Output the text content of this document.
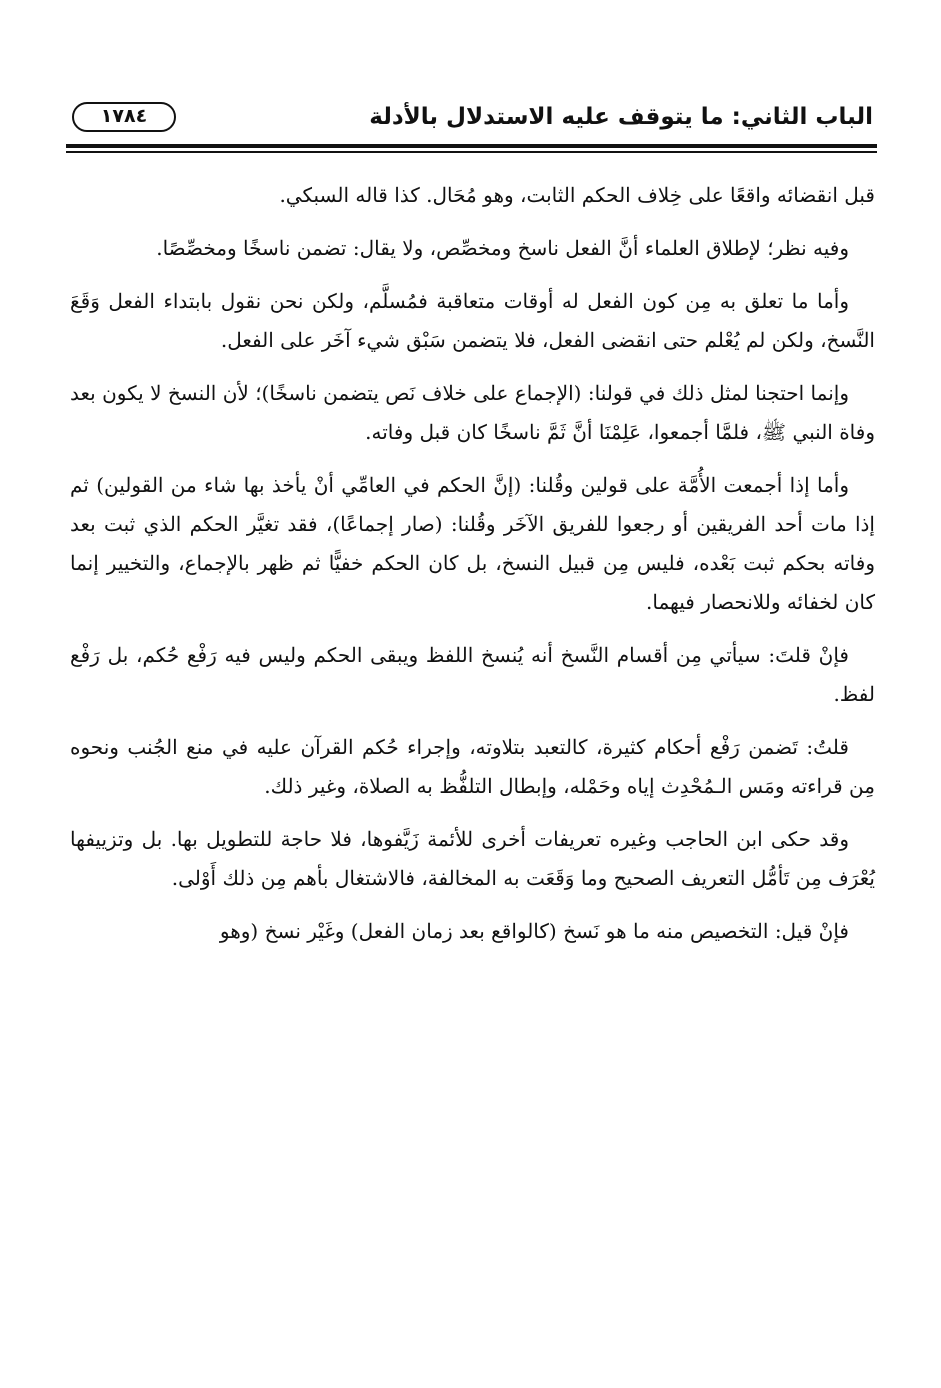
الباب الثاني: ما يتوقف عليه الاستدلال بالأدلة
١٧٨٤

قبل انقضائه واقعًا على خِلاف الحكم الثابت، وهو مُحَال. كذا قاله السبكي.

وفيه نظر؛ لإطلاق العلماء أنَّ الفعل ناسخ ومخصِّص، ولا يقال: تضمن ناسخًا ومخصِّصًا.

وأما ما تعلق به مِن كون الفعل له أوقات متعاقبة فمُسلَّم، ولكن نحن نقول بابتداء الفعل وَقَعَ النَّسخ، ولكن لم يُعْلم حتى انقضى الفعل، فلا يتضمن سَبْق شيء آخَر على الفعل.

وإنما احتجنا لمثل ذلك في قولنا: (الإجماع على خلاف نَص يتضمن ناسخًا)؛ لأن النسخ لا يكون بعد وفاة النبي ﷺ، فلمَّا أجمعوا، عَلِمْنَا أنَّ ثَمَّ ناسخًا كان قبل وفاته.

وأما إذا أجمعت الأُمَّة على قولين وقُلنا: (إنَّ الحكم في العامِّي أنْ يأخذ بها شاء من القولين) ثم إذا مات أحد الفريقين أو رجعوا للفريق الآخَر وقُلنا: (صار إجماعًا)، فقد تغيَّر الحكم الذي ثبت بعد وفاته بحكم ثبت بَعْده، فليس مِن قبيل النسخ، بل كان الحكم خفيًّا ثم ظهر بالإجماع، والتخيير إنما كان لخفائه وللانحصار فيهما.

فإنْ قلتَ: سيأتي مِن أقسام النَّسخ أنه يُنسخ اللفظ ويبقى الحكم وليس فيه رَفْع حُكم، بل رَفْع لفظ.

قلتُ: تَضمن رَفْع أحكام كثيرة، كالتعبد بتلاوته، وإجراء حُكم القرآن عليه في منع الجُنب ونحوه مِن قراءته ومَس الـمُحْدِث إياه وحَمْله، وإبطال التلفُّظ به الصلاة، وغير ذلك.

وقد حكى ابن الحاجب وغيره تعريفات أخرى للأئمة زَيَّفوها، فلا حاجة للتطويل بها. بل وتزييفها يُعْرَف مِن تَأمُّل التعريف الصحيح وما وَقَعَت به المخالفة، فالاشتغال بأهم مِن ذلك أَوْلى.

فإنْ قيل: التخصيص منه ما هو نَسخ (كالواقع بعد زمان الفعل) وغَيْر نسخ (وهو
